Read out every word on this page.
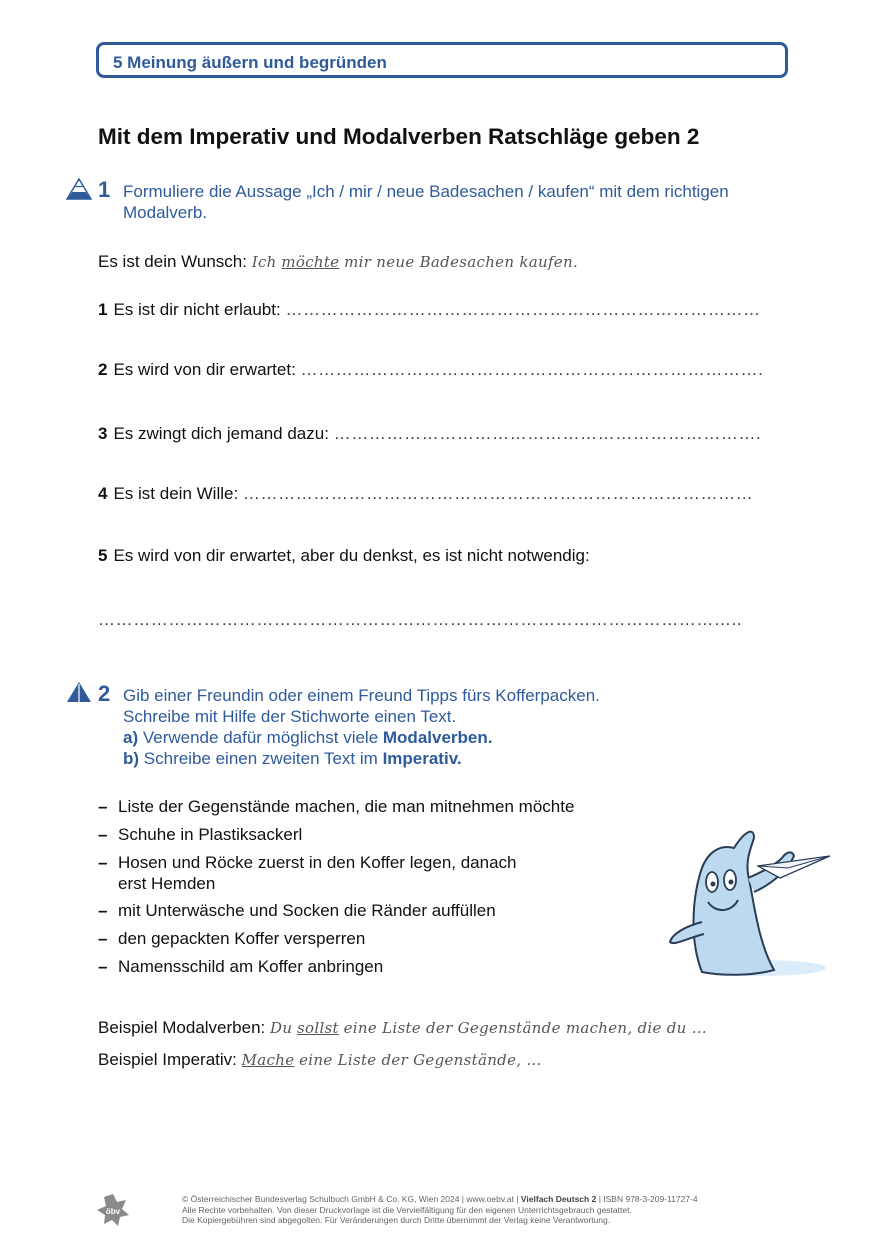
5 Meinung äußern und begründen
Mit dem Imperativ und Modalverben Ratschläge geben 2
1 Formuliere die Aussage „Ich / mir / neue Badesachen / kaufen“ mit dem richtigen
Modalverb.
Es ist dein Wunsch: Ich möchte mir neue Badesachen kaufen.
1 Es ist dir nicht erlaubt: ………………………………………………………………………
2 Es wird von dir erwartet: …………………………………………………………………….
3 Es zwingt dich jemand dazu: ……………………………………………………………….
4 Es ist dein Wille: ……………………………………………………………………………
5 Es wird von dir erwartet, aber du denkst, es ist nicht notwendig:
………………………………………………………………………………………………..
2 Gib einer Freundin oder einem Freund Tipps fürs Kofferpacken.
Schreibe mit Hilfe der Stichworte einen Text.
a) Verwende dafür möglichst viele Modalverben.
b) Schreibe einen zweiten Text im Imperativ.
– Liste der Gegenstände machen, die man mitnehmen möchte
– Schuhe in Plastiksackerl
– Hosen und Röcke zuerst in den Koffer legen, danach erst Hemden
– mit Unterwäsche und Socken die Ränder auffüllen
– den gepackten Koffer versperren
– Namensschild am Koffer anbringen
Beispiel Modalverben: Du sollst eine Liste der Gegenstände machen, die du …
Beispiel Imperativ: Mache eine Liste der Gegenstände, …
öbv
© Österreichischer Bundesverlag Schulbuch GmbH & Co. KG, Wien 2024 | www.oebv.at | Vielfach Deutsch 2 | ISBN 978-3-209-11727-4
Alle Rechte vorbehalten. Von dieser Druckvorlage ist die Vervielfältigung für den eigenen Unterrichtsgebrauch gestattet.
Die Kopiergebühren sind abgegolten. Für Veränderungen durch Dritte übernimmt der Verlag keine Verantwortung.
